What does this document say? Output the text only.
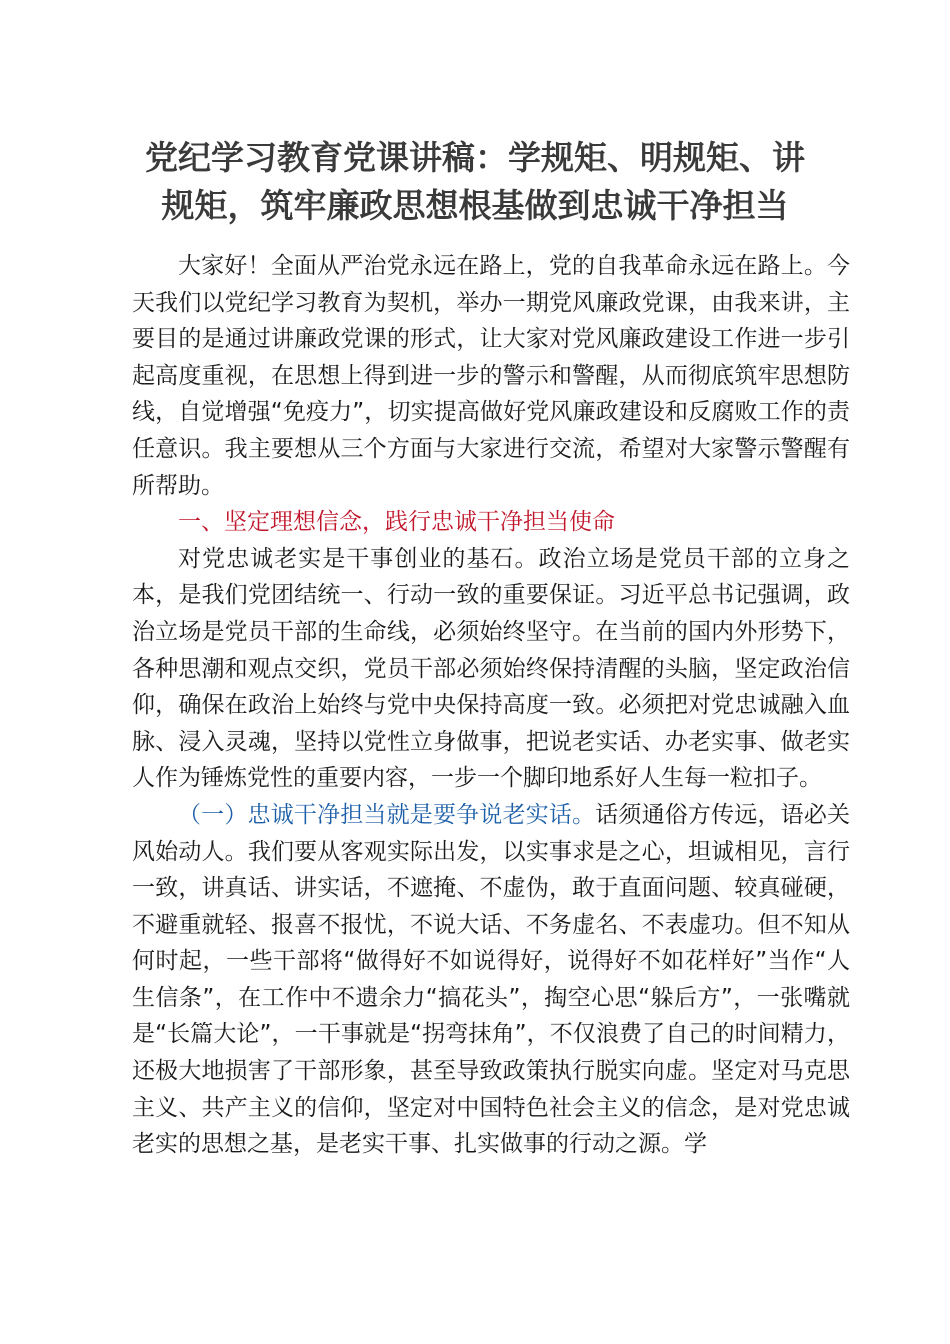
党纪学习教育党课讲稿：学规矩、明规矩、讲
规矩，筑牢廉政思想根基做到忠诚干净担当

大家好！全面从严治党永远在路上，党的自我革命永远在路上。今天我们以党纪学习教育为契机，举办一期党风廉政党课，由我来讲，主要目的是通过讲廉政党课的形式，让大家对党风廉政建设工作进一步引起高度重视，在思想上得到进一步的警示和警醒，从而彻底筑牢思想防线，自觉增强“免疫力”，切实提高做好党风廉政建设和反腐败工作的责任意识。我主要想从三个方面与大家进行交流，希望对大家警示警醒有所帮助。

一、坚定理想信念，践行忠诚干净担当使命

对党忠诚老实是干事创业的基石。政治立场是党员干部的立身之本，是我们党团结统一、行动一致的重要保证。习近平总书记强调，政治立场是党员干部的生命线，必须始终坚守。在当前的国内外形势下，各种思潮和观点交织，党员干部必须始终保持清醒的头脑，坚定政治信仰，确保在政治上始终与党中央保持高度一致。必须把对党忠诚融入血脉、浸入灵魂，坚持以党性立身做事，把说老实话、办老实事、做老实人作为锤炼党性的重要内容，一步一个脚印地系好人生每一粒扣子。

（一）忠诚干净担当就是要争说老实话。话须通俗方传远，语必关风始动人。我们要从客观实际出发，以实事求是之心，坦诚相见，言行一致，讲真话、讲实话，不遮掩、不虚伪，敢于直面问题、较真碰硬，不避重就轻、报喜不报忧，不说大话、不务虚名、不表虚功。但不知从何时起，一些干部将“做得好不如说得好，说得好不如花样好”当作“人生信条”，在工作中不遗余力“搞花头”，掏空心思“躲后方”，一张嘴就是“长篇大论”，一干事就是“拐弯抹角”，不仅浪费了自己的时间精力，还极大地损害了干部形象，甚至导致政策执行脱实向虚。坚定对马克思主义、共产主义的信仰，坚定对中国特色社会主义的信念，是对党忠诚老实的思想之基，是老实干事、扎实做事的行动之源。学
